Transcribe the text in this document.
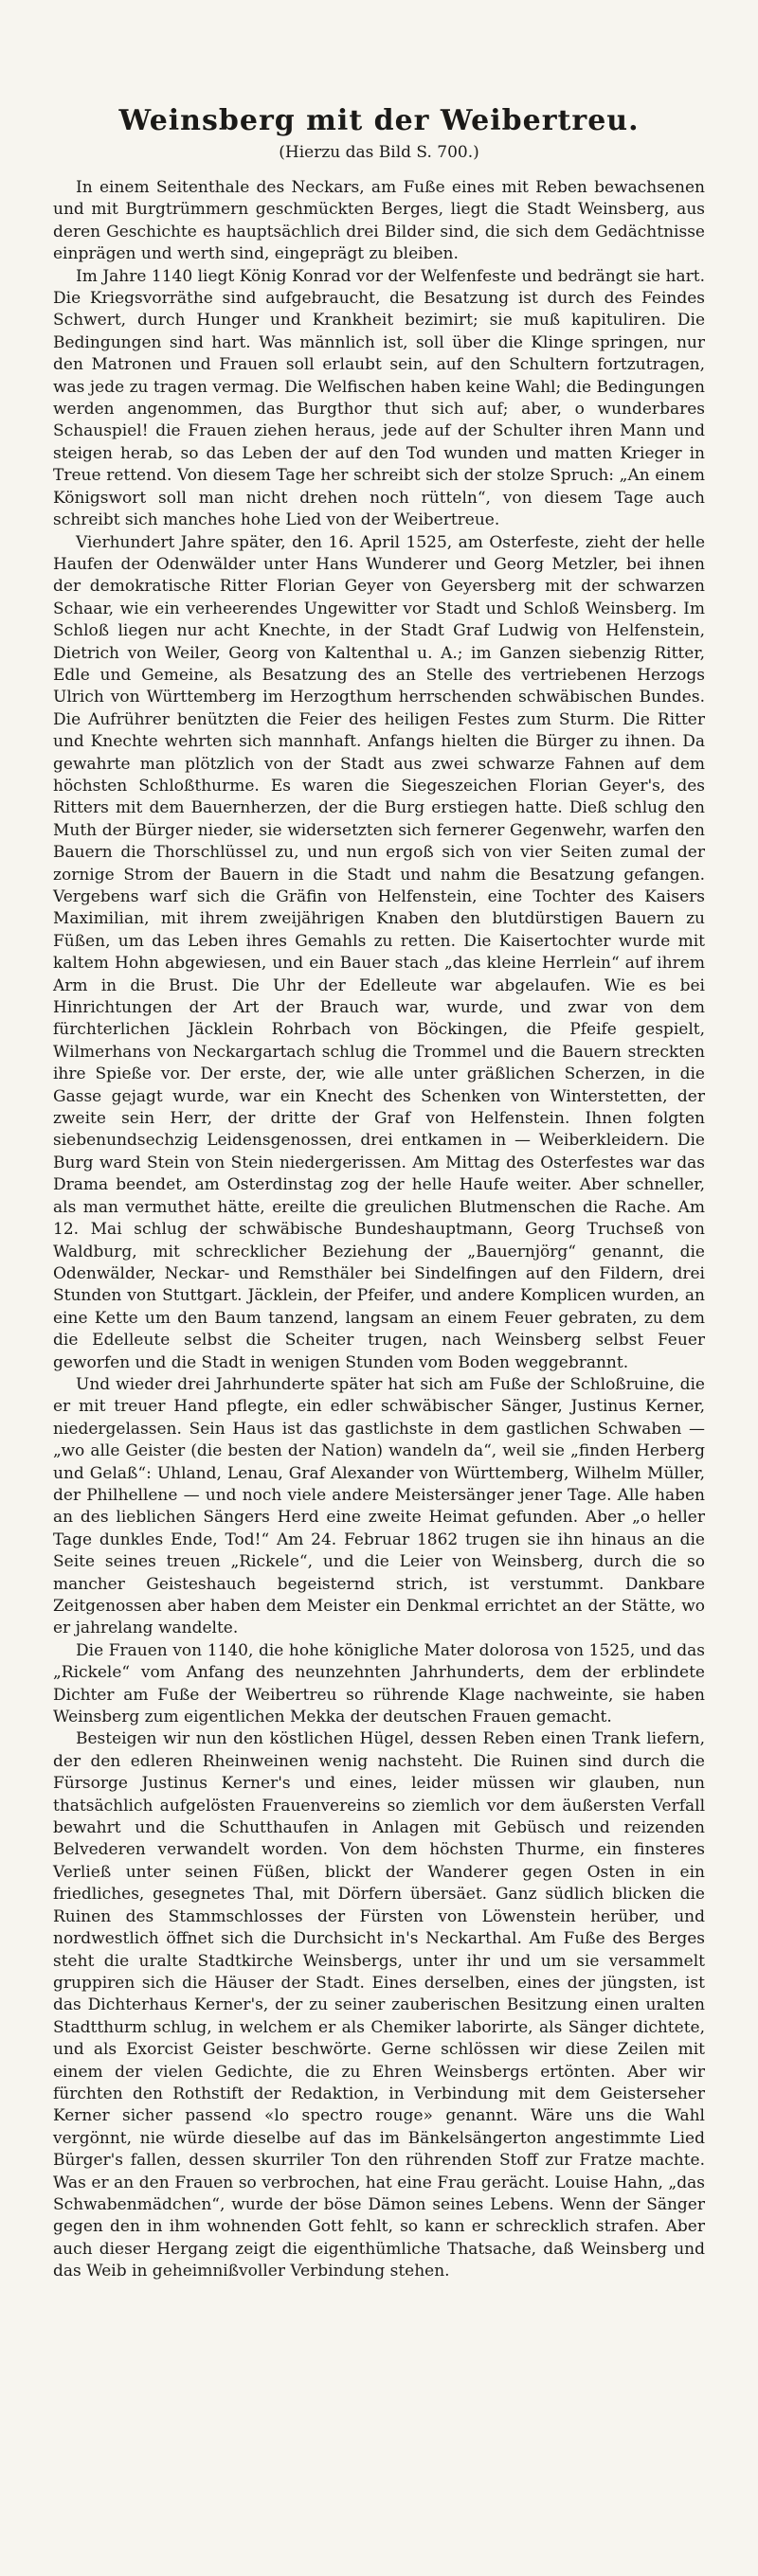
Weinsberg mit der Weibertreu.
(Hierzu das Bild S. 700.)

In einem Seitenthale des Neckars, am Fuße eines mit Reben bewachsenen und mit Burgtrümmern geschmückten Berges, liegt die Stadt Weinsberg, aus deren Geschichte es hauptsächlich drei Bilder sind, die sich dem Gedächtnisse einprägen und werth sind, eingeprägt zu bleiben.

Im Jahre 1140 liegt König Konrad vor der Welfenfeste und bedrängt sie hart. Die Kriegsvorräthe sind aufgebraucht, die Besatzung ist durch des Feindes Schwert, durch Hunger und Krankheit bezimirt; sie muß kapituliren. Die Bedingungen sind hart. Was männlich ist, soll über die Klinge springen, nur den Matronen und Frauen soll erlaubt sein, auf den Schultern fortzutragen, was jede zu tragen vermag. Die Welfischen haben keine Wahl; die Bedingungen werden angenommen, das Burgthor thut sich auf; aber, o wunderbares Schauspiel! die Frauen ziehen heraus, jede auf der Schulter ihren Mann und steigen herab, so das Leben der auf den Tod wunden und matten Krieger in Treue rettend. Von diesem Tage her schreibt sich der stolze Spruch: „An einem Königswort soll man nicht drehen noch rütteln“, von diesem Tage auch schreibt sich manches hohe Lied von der Weibertreue.

Vierhundert Jahre später, den 16. April 1525, am Osterfeste, zieht der helle Haufen der Odenwälder unter Hans Wunderer und Georg Metzler, bei ihnen der demokratische Ritter Florian Geyer von Geyersberg mit der schwarzen Schaar, wie ein verheerendes Ungewitter vor Stadt und Schloß Weinsberg. Im Schloß liegen nur acht Knechte, in der Stadt Graf Ludwig von Helfenstein, Dietrich von Weiler, Georg von Kaltenthal u. A.; im Ganzen siebenzig Ritter, Edle und Gemeine, als Besatzung des an Stelle des vertriebenen Herzogs Ulrich von Württemberg im Herzogthum herrschenden schwäbischen Bundes. Die Aufrührer benützten die Feier des heiligen Festes zum Sturm. Die Ritter und Knechte wehrten sich mannhaft. Anfangs hielten die Bürger zu ihnen. Da gewahrte man plötzlich von der Stadt aus zwei schwarze Fahnen auf dem höchsten Schloßthurme. Es waren die Siegeszeichen Florian Geyer's, des Ritters mit dem Bauernherzen, der die Burg erstiegen hatte. Dieß schlug den Muth der Bürger nieder, sie widersetzten sich fernerer Gegenwehr, warfen den Bauern die Thorschlüssel zu, und nun ergoß sich von vier Seiten zumal der zornige Strom der Bauern in die Stadt und nahm die Besatzung gefangen. Vergebens warf sich die Gräfin von Helfenstein, eine Tochter des Kaisers Maximilian, mit ihrem zweijährigen Knaben den blutdürstigen Bauern zu Füßen, um das Leben ihres Gemahls zu retten. Die Kaisertochter wurde mit kaltem Hohn abgewiesen, und ein Bauer stach „das kleine Herrlein“ auf ihrem Arm in die Brust. Die Uhr der Edelleute war abgelaufen. Wie es bei Hinrichtungen der Art der Brauch war, wurde, und zwar von dem fürchterlichen Jäcklein Rohrbach von Böckingen, die Pfeife gespielt, Wilmerhans von Neckargartach schlug die Trommel und die Bauern streckten ihre Spieße vor. Der erste, der, wie alle unter gräßlichen Scherzen, in die Gasse gejagt wurde, war ein Knecht des Schenken von Winterstetten, der zweite sein Herr, der dritte der Graf von Helfenstein. Ihnen folgten siebenundsechzig Leidensgenossen, drei entkamen in — Weiberkleidern. Die Burg ward Stein von Stein niedergerissen. Am Mittag des Osterfestes war das Drama beendet, am Osterdinstag zog der helle Haufe weiter. Aber schneller, als man vermuthet hätte, ereilte die greulichen Blutmenschen die Rache. Am 12. Mai schlug der schwäbische Bundeshauptmann, Georg Truchseß von Waldburg, mit schrecklicher Beziehung der „Bauernjörg“ genannt, die Odenwälder, Neckar- und Remsthäler bei Sindelfingen auf den Fildern, drei Stunden von Stuttgart. Jäcklein, der Pfeifer, und andere Komplicen wurden, an eine Kette um den Baum tanzend, langsam an einem Feuer gebraten, zu dem die Edelleute selbst die Scheiter trugen, nach Weinsberg selbst Feuer geworfen und die Stadt in wenigen Stunden vom Boden weggebrannt.

Und wieder drei Jahrhunderte später hat sich am Fuße der Schloßruine, die er mit treuer Hand pflegte, ein edler schwäbischer Sänger, Justinus Kerner, niedergelassen. Sein Haus ist das gastlichste in dem gastlichen Schwaben — „wo alle Geister (die besten der Nation) wandeln da“, weil sie „finden Herberg und Gelaß“: Uhland, Lenau, Graf Alexander von Württemberg, Wilhelm Müller, der Philhellene — und noch viele andere Meistersänger jener Tage. Alle haben an des lieblichen Sängers Herd eine zweite Heimat gefunden. Aber „o heller Tage dunkles Ende, Tod!“ Am 24. Februar 1862 trugen sie ihn hinaus an die Seite seines treuen „Rickele“, und die Leier von Weinsberg, durch die so mancher Geisteshauch begeisternd strich, ist verstummt. Dankbare Zeitgenossen aber haben dem Meister ein Denkmal errichtet an der Stätte, wo er jahrelang wandelte.

Die Frauen von 1140, die hohe königliche Mater dolorosa von 1525, und das „Rickele“ vom Anfang des neunzehnten Jahrhunderts, dem der erblindete Dichter am Fuße der Weibertreu so rührende Klage nachweinte, sie haben Weinsberg zum eigentlichen Mekka der deutschen Frauen gemacht.

Besteigen wir nun den köstlichen Hügel, dessen Reben einen Trank liefern, der den edleren Rheinweinen wenig nachsteht. Die Ruinen sind durch die Fürsorge Justinus Kerner's und eines, leider müssen wir glauben, nun thatsächlich aufgelösten Frauenvereins so ziemlich vor dem äußersten Verfall bewahrt und die Schutthaufen in Anlagen mit Gebüsch und reizenden Belvederen verwandelt worden. Von dem höchsten Thurme, ein finsteres Verließ unter seinen Füßen, blickt der Wanderer gegen Osten in ein friedliches, gesegnetes Thal, mit Dörfern übersäet. Ganz südlich blicken die Ruinen des Stammschlosses der Fürsten von Löwenstein herüber, und nordwestlich öffnet sich die Durchsicht in's Neckarthal. Am Fuße des Berges steht die uralte Stadtkirche Weinsbergs, unter ihr und um sie versammelt gruppiren sich die Häuser der Stadt. Eines derselben, eines der jüngsten, ist das Dichterhaus Kerner's, der zu seiner zauberischen Besitzung einen uralten Stadtthurm schlug, in welchem er als Chemiker laborirte, als Sänger dichtete, und als Exorcist Geister beschwörte. Gerne schlössen wir diese Zeilen mit einem der vielen Gedichte, die zu Ehren Weinsbergs ertönten. Aber wir fürchten den Rothstift der Redaktion, in Verbindung mit dem Geisterseher Kerner sicher passend «lo spectro rouge» genannt. Wäre uns die Wahl vergönnt, nie würde dieselbe auf das im Bänkelsängerton angestimmte Lied Bürger's fallen, dessen skurriler Ton den rührenden Stoff zur Fratze machte. Was er an den Frauen so verbrochen, hat eine Frau gerächt. Louise Hahn, „das Schwabenmädchen“, wurde der böse Dämon seines Lebens. Wenn der Sänger gegen den in ihm wohnenden Gott fehlt, so kann er schrecklich strafen. Aber auch dieser Hergang zeigt die eigenthümliche Thatsache, daß Weinsberg und das Weib in geheimnißvoller Verbindung stehen.
